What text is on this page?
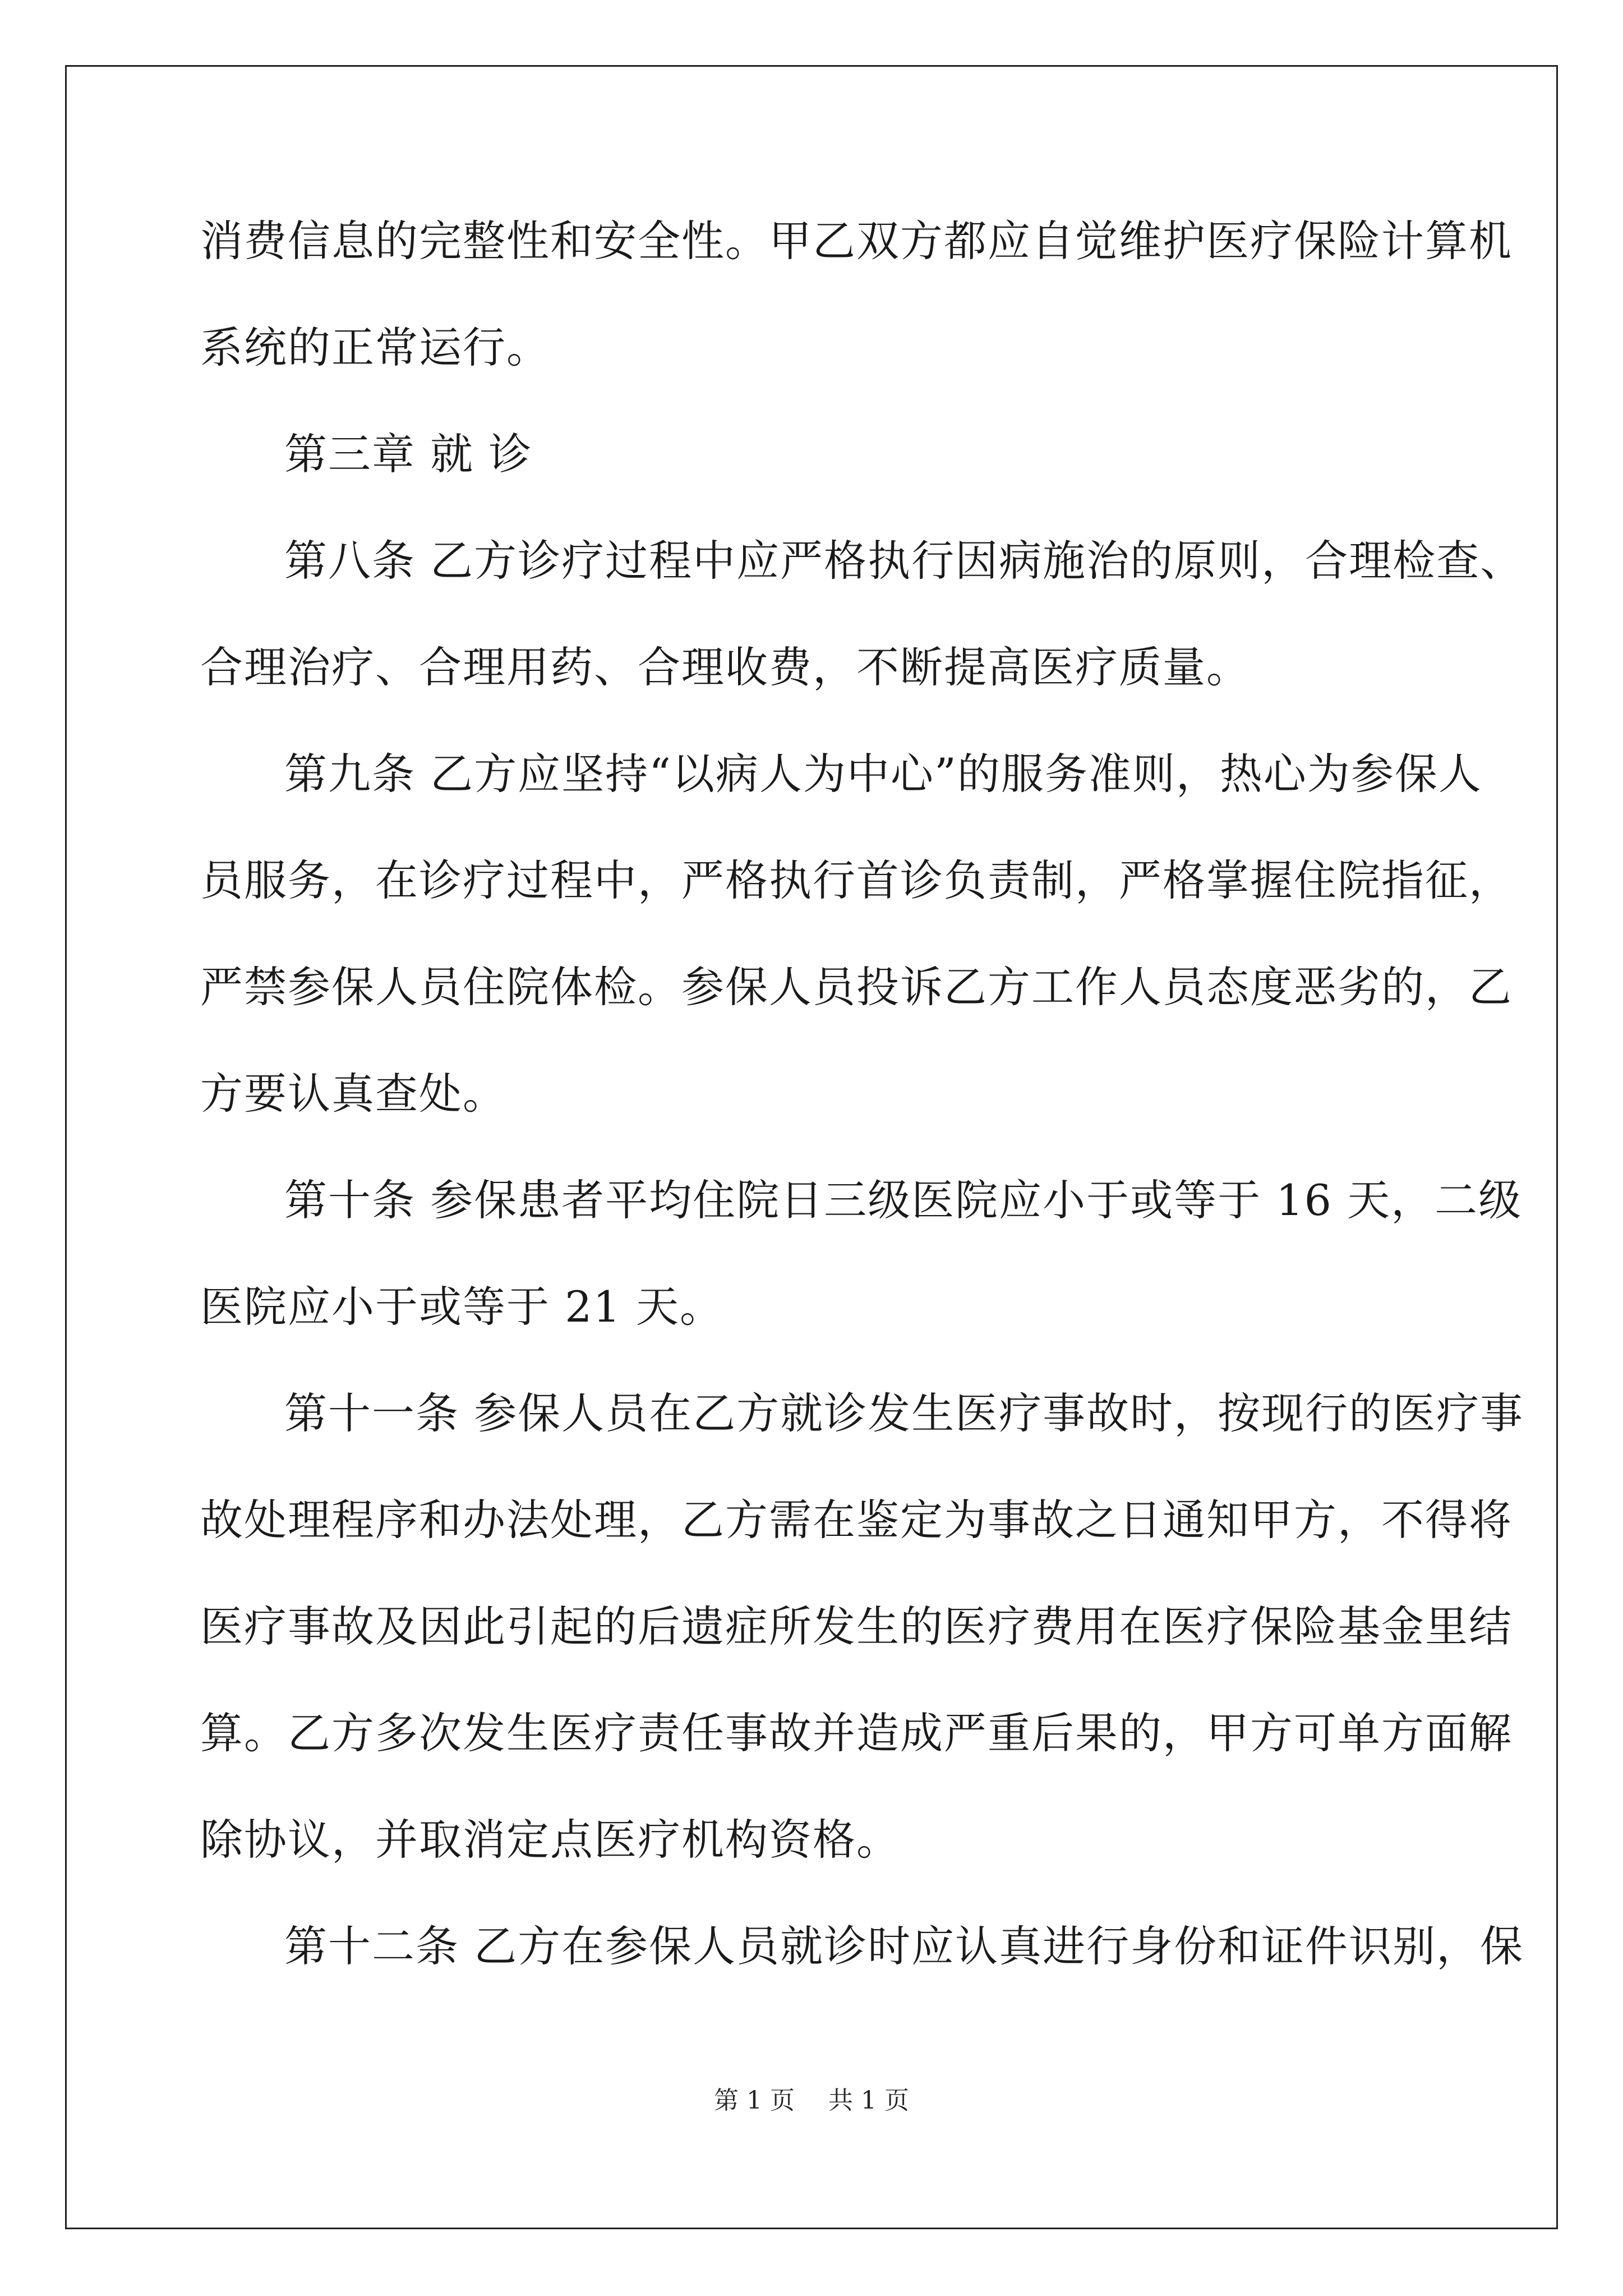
消费信息的完整性和安全性。甲乙双方都应自觉维护医疗保险计算机
系统的正常运行。
第三章 就 诊
第八条 乙方诊疗过程中应严格执行因病施治的原则，合理检查、
合理治疗、合理用药、合理收费，不断提高医疗质量。
第九条 乙方应坚持“以病人为中心”的服务准则，热心为参保人
员服务，在诊疗过程中，严格执行首诊负责制，严格掌握住院指征，
严禁参保人员住院体检。参保人员投诉乙方工作人员态度恶劣的，乙
方要认真查处。
第十条 参保患者平均住院日三级医院应小于或等于 16 天，二级
医院应小于或等于 21 天。
第十一条 参保人员在乙方就诊发生医疗事故时，按现行的医疗事
故处理程序和办法处理，乙方需在鉴定为事故之日通知甲方，不得将
医疗事故及因此引起的后遗症所发生的医疗费用在医疗保险基金里结
算。乙方多次发生医疗责任事故并造成严重后果的，甲方可单方面解
除协议，并取消定点医疗机构资格。
第十二条 乙方在参保人员就诊时应认真进行身份和证件识别，保
第 1 页 共 1 页
